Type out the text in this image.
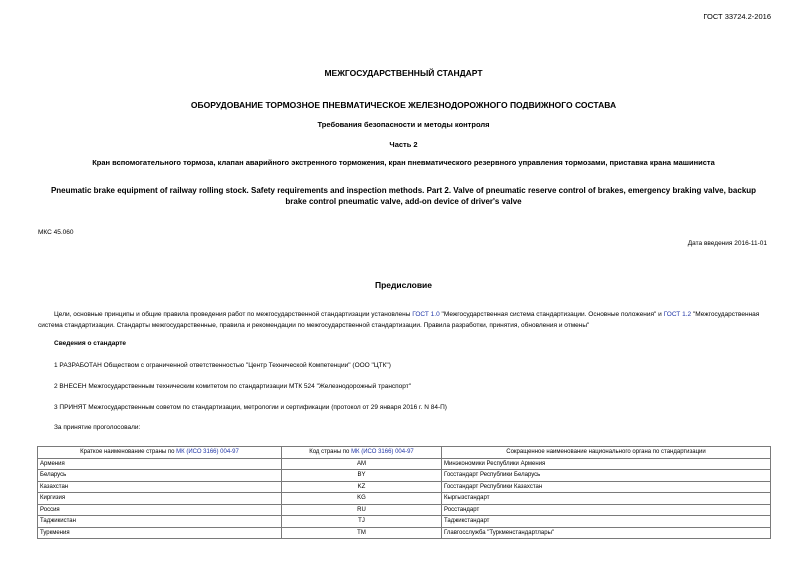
ГОСТ 33724.2-2016
МЕЖГОСУДАРСТВЕННЫЙ СТАНДАРТ
ОБОРУДОВАНИЕ ТОРМОЗНОЕ ПНЕВМАТИЧЕСКОЕ ЖЕЛЕЗНОДОРОЖНОГО ПОДВИЖНОГО СОСТАВА
Требования безопасности и методы контроля
Часть 2
Кран вспомогательного тормоза, клапан аварийного экстренного торможения, кран пневматического резервного управления тормозами, приставка крана машиниста
Pneumatic brake equipment of railway rolling stock. Safety requirements and inspection methods. Part 2. Valve of pneumatic reserve control of brakes, emergency braking valve, backup brake control pneumatic valve, add-on device of driver's valve
МКС 45.060
Дата введения 2016-11-01
Предисловие
Цели, основные принципы и общие правила проведения работ по межгосударственной стандартизации установлены ГОСТ 1.0 "Межгосударственная система стандартизации. Основные положения" и ГОСТ 1.2 "Межгосударственная система стандартизации. Стандарты межгосударственные, правила и рекомендации по межгосударственной стандартизации. Правила разработки, принятия, обновления и отмены"
Сведения о стандарте
1 РАЗРАБОТАН Обществом с ограниченной ответственностью "Центр Технической Компетенции" (ООО "ЦТК")
2 ВНЕСЕН Межгосударственным техническим комитетом по стандартизации МТК 524 "Железнодорожный транспорт"
3 ПРИНЯТ Межгосударственным советом по стандартизации, метрологии и сертификации (протокол от 29 января 2016 г. N 84-П)
За принятие проголосовали:
Краткое наименование страны по МК (ИСО 3166) 004-97	Код страны по МК (ИСО 3166) 004-97	Сокращенное наименование национального органа по стандартизации
Армения	AM	Минэкономики Республики Армения
Беларусь	BY	Госстандарт Республики Беларусь
Казахстан	KZ	Госстандарт Республики Казахстан
Киргизия	KG	Кыргызстандарт
Россия	RU	Росстандарт
Таджикистан	TJ	Таджикстандарт
Туркмения	TM	Главгосслужба "Туркменстандартлары"
